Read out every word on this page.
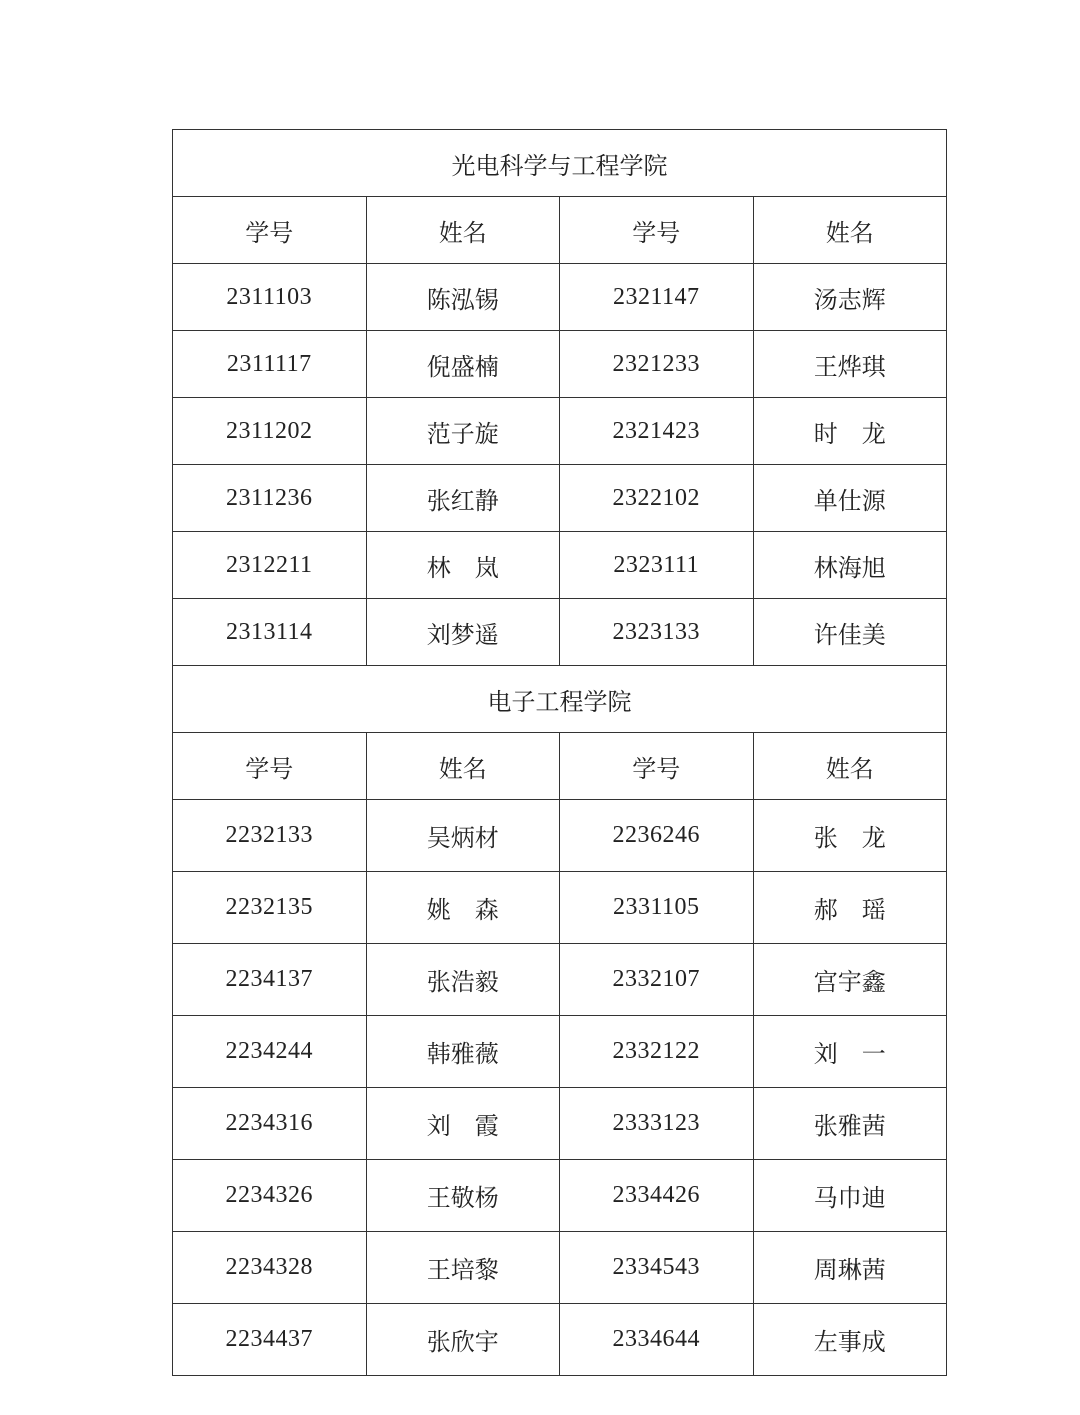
光电科学与工程学院			
学号	姓名	学号	姓名
2311103	陈泓锡	2321147	汤志辉
2311117	倪盛楠	2321233	王烨琪
2311202	范子旋	2321423	时　龙
2311236	张红静	2322102	单仕源
2312211	林　岚	2323111	林海旭
2313114	刘梦遥	2323133	许佳美
电子工程学院			
学号	姓名	学号	姓名
2232133	吴炳材	2236246	张　龙
2232135	姚　森	2331105	郝　瑶
2234137	张浩毅	2332107	宫宇鑫
2234244	韩雅薇	2332122	刘　一
2234316	刘　霞	2333123	张雅茜
2234326	王敬杨	2334426	马巾迪
2234328	王培黎	2334543	周琳茜
2234437	张欣宇	2334644	左事成
